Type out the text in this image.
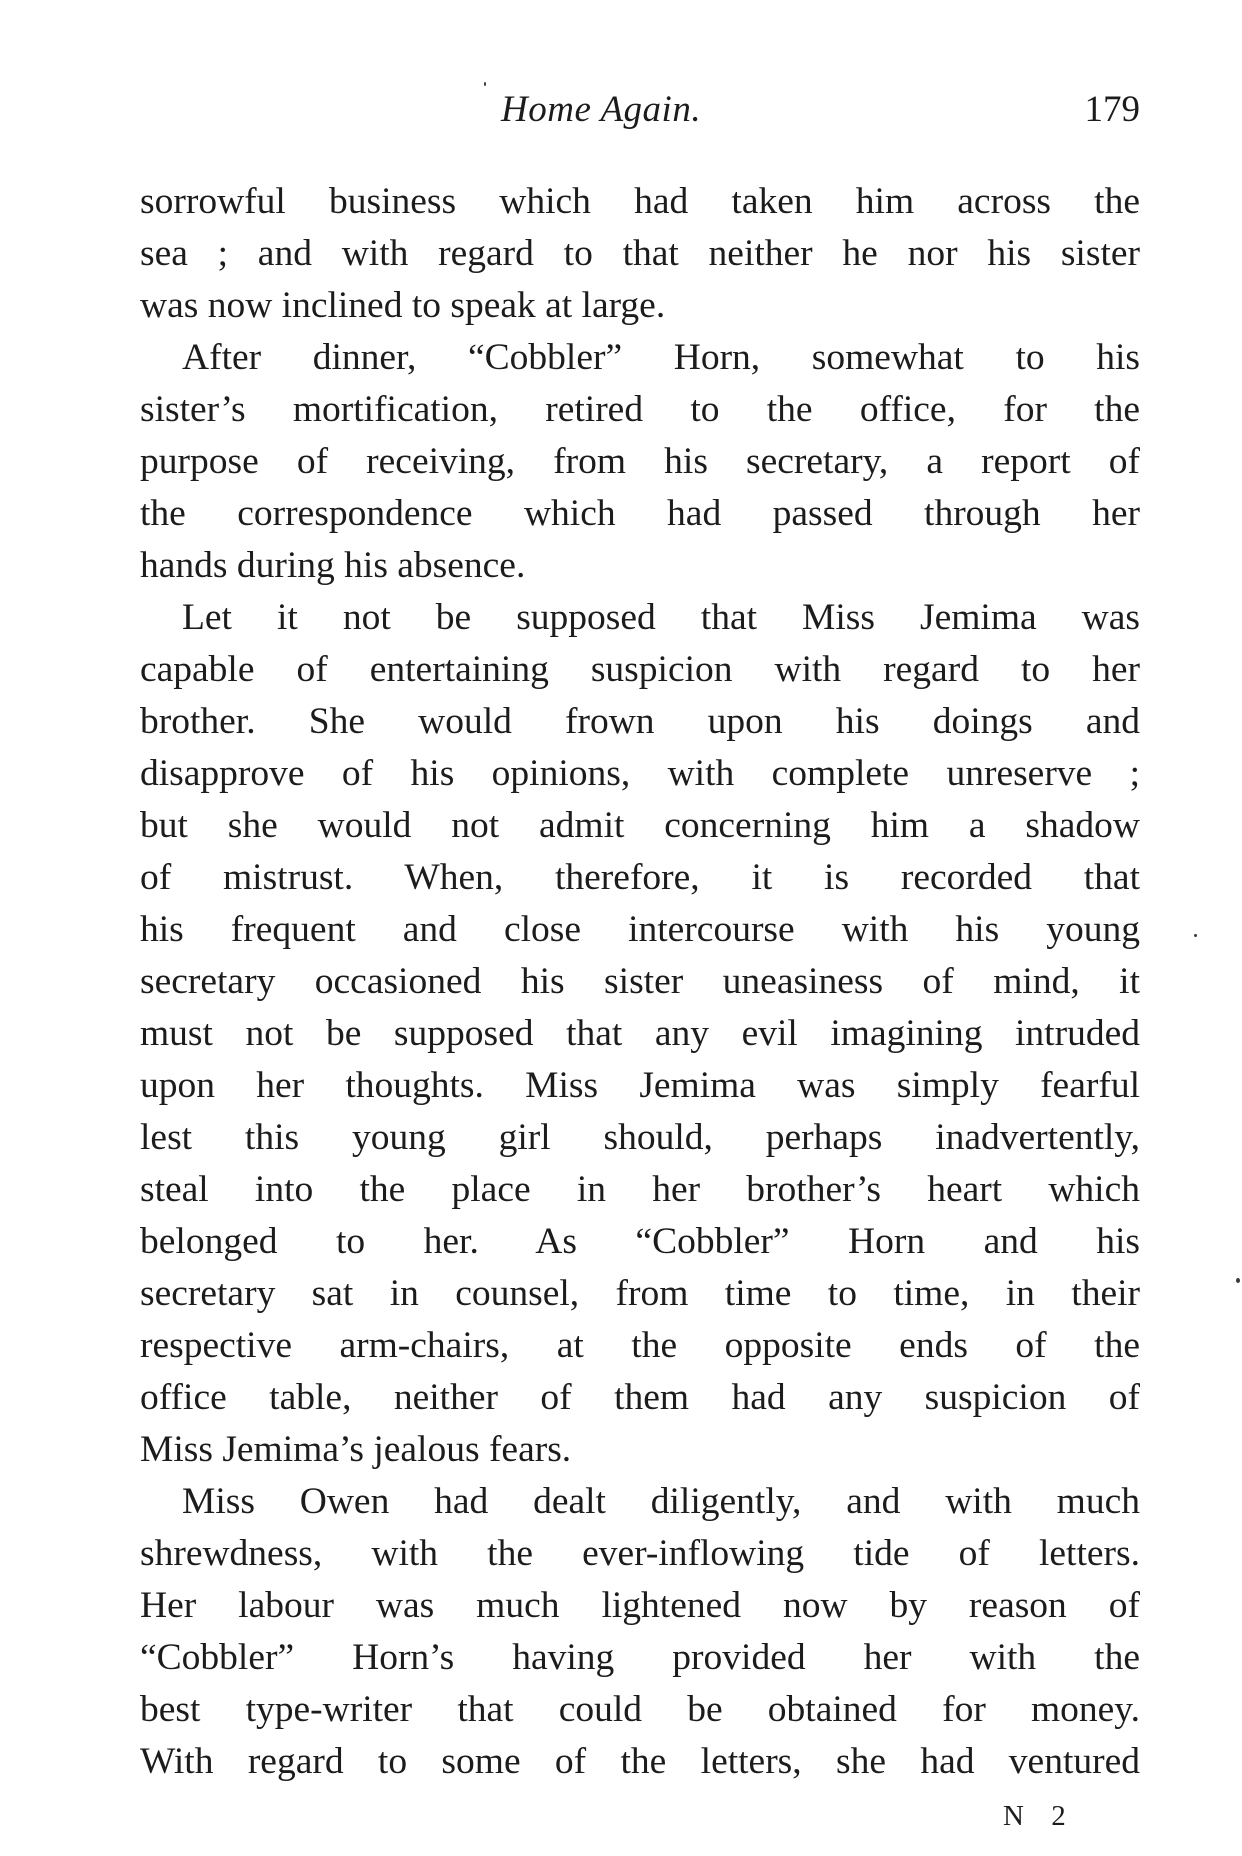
Home Again.	179

sorrowful business which had taken him across the
sea ; and with regard to that neither he nor his sister
was now inclined to speak at large.

After dinner, “Cobbler” Horn, somewhat to his
sister’s mortification, retired to the office, for the
purpose of receiving, from his secretary, a report of
the correspondence which had passed through her
hands during his absence.

Let it not be supposed that Miss Jemima was
capable of entertaining suspicion with regard to her
brother. She would frown upon his doings and
disapprove of his opinions, with complete unreserve ;
but she would not admit concerning him a shadow
of mistrust. When, therefore, it is recorded that
his frequent and close intercourse with his young
secretary occasioned his sister uneasiness of mind, it
must not be supposed that any evil imagining intruded
upon her thoughts. Miss Jemima was simply fearful
lest this young girl should, perhaps inadvertently,
steal into the place in her brother’s heart which
belonged to her. As “Cobbler” Horn and his
secretary sat in counsel, from time to time, in their
respective arm-chairs, at the opposite ends of the
office table, neither of them had any suspicion of
Miss Jemima’s jealous fears.

Miss Owen had dealt diligently, and with much
shrewdness, with the ever-inflowing tide of letters.
Her labour was much lightened now by reason of
“Cobbler” Horn’s having provided her with the
best type-writer that could be obtained for money.
With regard to some of the letters, she had ventured

N 2
